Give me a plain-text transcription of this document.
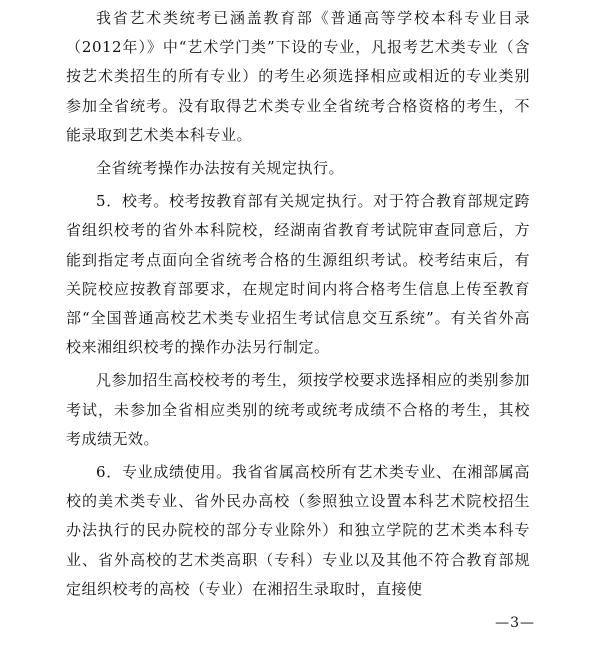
我省艺术类统考已涵盖教育部《普通高等学校本科专业目录（2012年）》中“艺术学门类”下设的专业，凡报考艺术类专业（含按艺术类招生的所有专业）的考生必须选择相应或相近的专业类别参加全省统考。没有取得艺术类专业全省统考合格资格的考生，不能录取到艺术类本科专业。

全省统考操作办法按有关规定执行。

5．校考。校考按教育部有关规定执行。对于符合教育部规定跨省组织校考的省外本科院校，经湖南省教育考试院审查同意后，方能到指定考点面向全省统考合格的生源组织考试。校考结束后，有关院校应按教育部要求，在规定时间内将合格考生信息上传至教育部“全国普通高校艺术类专业招生考试信息交互系统”。有关省外高校来湘组织校考的操作办法另行制定。

凡参加招生高校校考的考生，须按学校要求选择相应的类别参加考试，未参加全省相应类别的统考或统考成绩不合格的考生，其校考成绩无效。

6．专业成绩使用。我省省属高校所有艺术类专业、在湘部属高校的美术类专业、省外民办高校（参照独立设置本科艺术院校招生办法执行的民办院校的部分专业除外）和独立学院的艺术类本科专业、省外高校的艺术类高职（专科）专业以及其他不符合教育部规定组织校考的高校（专业）在湘招生录取时，直接使

—3—
